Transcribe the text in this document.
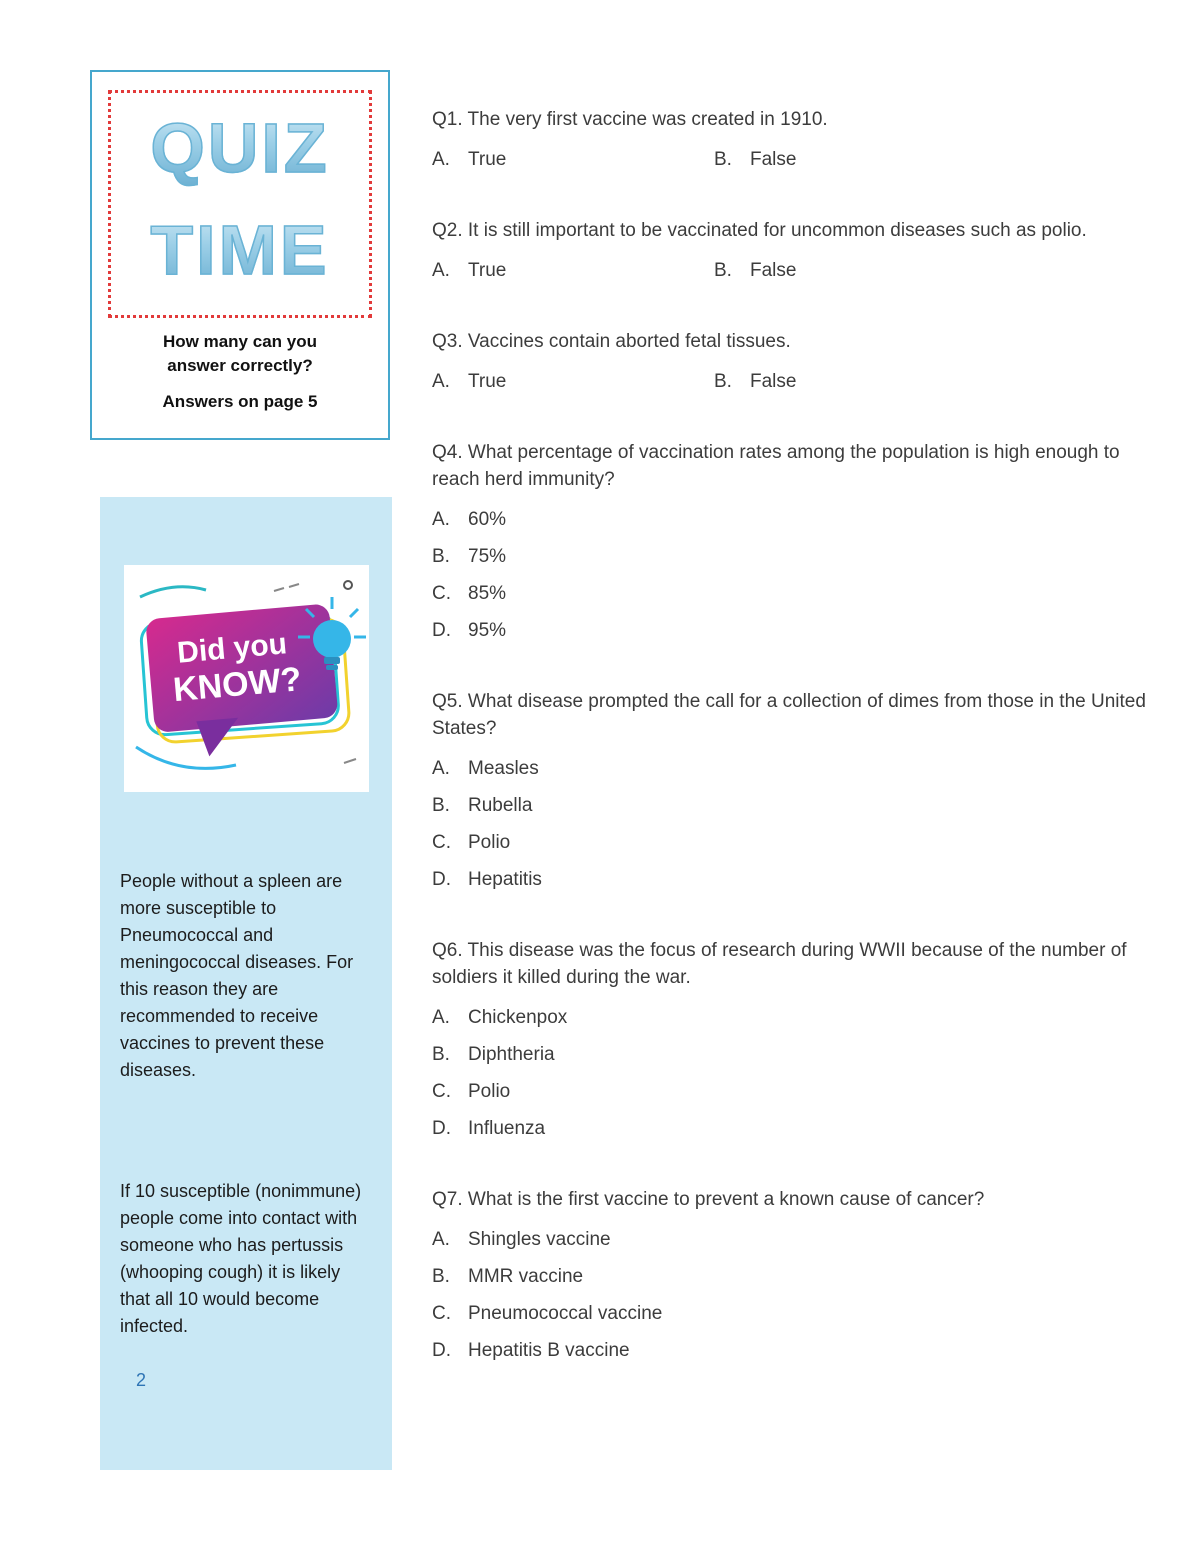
QUIZ
TIME
How many can you answer correctly?
Answers on page 5
Did you
KNOW?

People without a spleen are more susceptible to Pneumococcal and meningococcal diseases. For this reason they are recommended to receive vaccines to prevent these diseases.

If 10 susceptible (nonimmune) people come into contact with someone who has pertussis (whooping cough) it is likely that all 10 would become infected.

2

Q1. The very first vaccine was created in 1910.

A. True	B. False

Q2. It is still important to be vaccinated for uncommon diseases such as polio.

A. True	B. False

Q3. Vaccines contain aborted fetal tissues.

A. True	B. False

Q4. What percentage of vaccination rates among the population is high enough to reach herd immunity?

A. 60%
B. 75%
C. 85%
D. 95%

Q5. What disease prompted the call for a collection of dimes from those in the United States?

A. Measles
B. Rubella
C. Polio
D. Hepatitis

Q6. This disease was the focus of research during WWII because of the number of soldiers it killed during the war.

A. Chickenpox
B. Diphtheria
C. Polio
D. Influenza

Q7. What is the first vaccine to prevent a known cause of cancer?

A. Shingles vaccine
B. MMR vaccine
C. Pneumococcal vaccine
D. Hepatitis B vaccine
